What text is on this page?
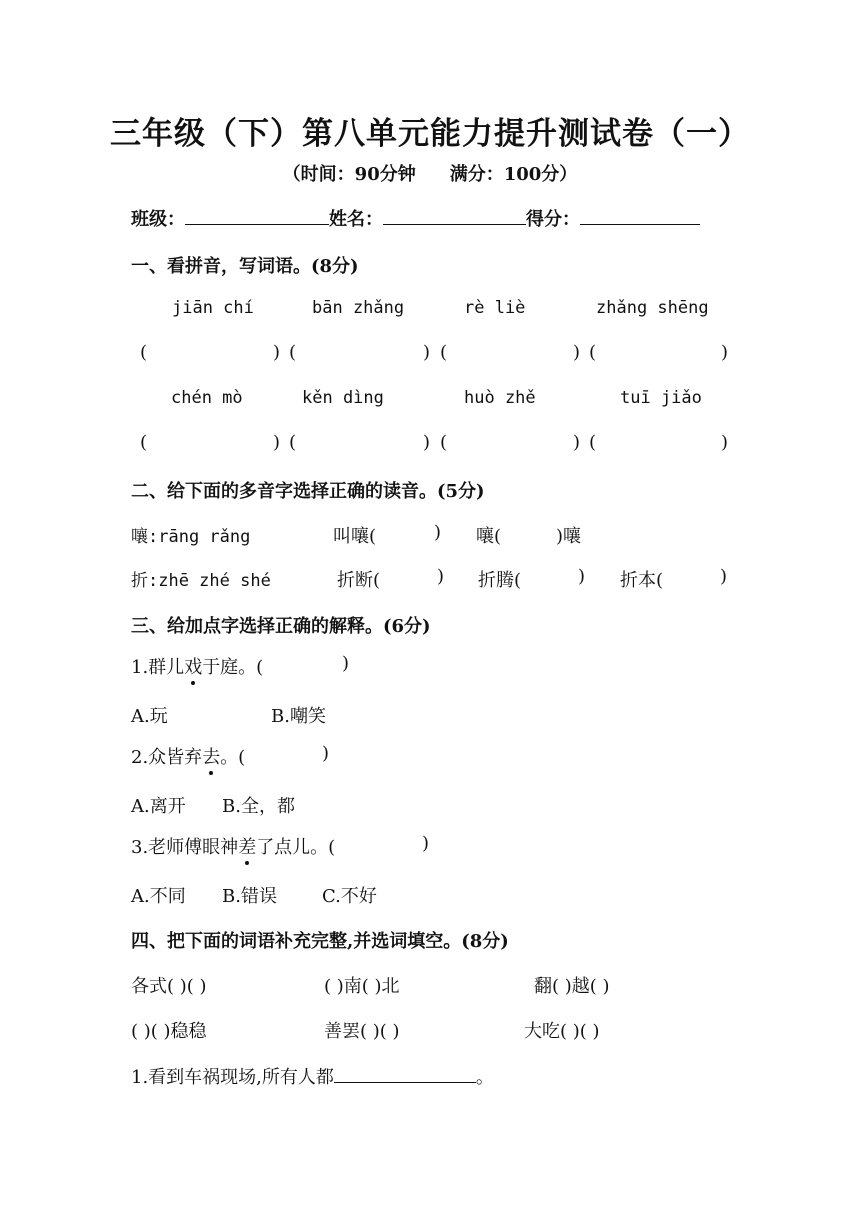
三年级（下）第八单元能力提升测试卷（一）
（时间：90分钟 满分：100分）
班级：	姓名：	得分：
一、看拼音，写词语。(8分)
jiān chí	bān zhǎng	rè liè	zhǎng shēng
(	) (	) (	) (	)
chén mò	kěn dìng	huò zhě	tuī jiǎo
(	) (	) (	) (	)
二、给下面的多音字选择正确的读音。(5分)
嚷:rāng rǎng	叫嚷(	) 嚷(	)嚷
折:zhē zhé shé	折断(	) 折腾(	) 折本(	)
三、给加点字选择正确的解释。(6分)
1.群儿戏于庭。(	)
A.玩	B.嘲笑
2.众皆弃去。(	)
A.离开 B.全，都
3.老师傅眼神差了点儿。(	)
A.不同 B.错误	C.不好
四、把下面的词语补充完整,并选词填空。(8分)
各式( )( )	( )南( )北	翻( )越( )
( )( )稳稳	善罢( )( )	大吃( )( )
1.看到车祸现场,所有人都	。
